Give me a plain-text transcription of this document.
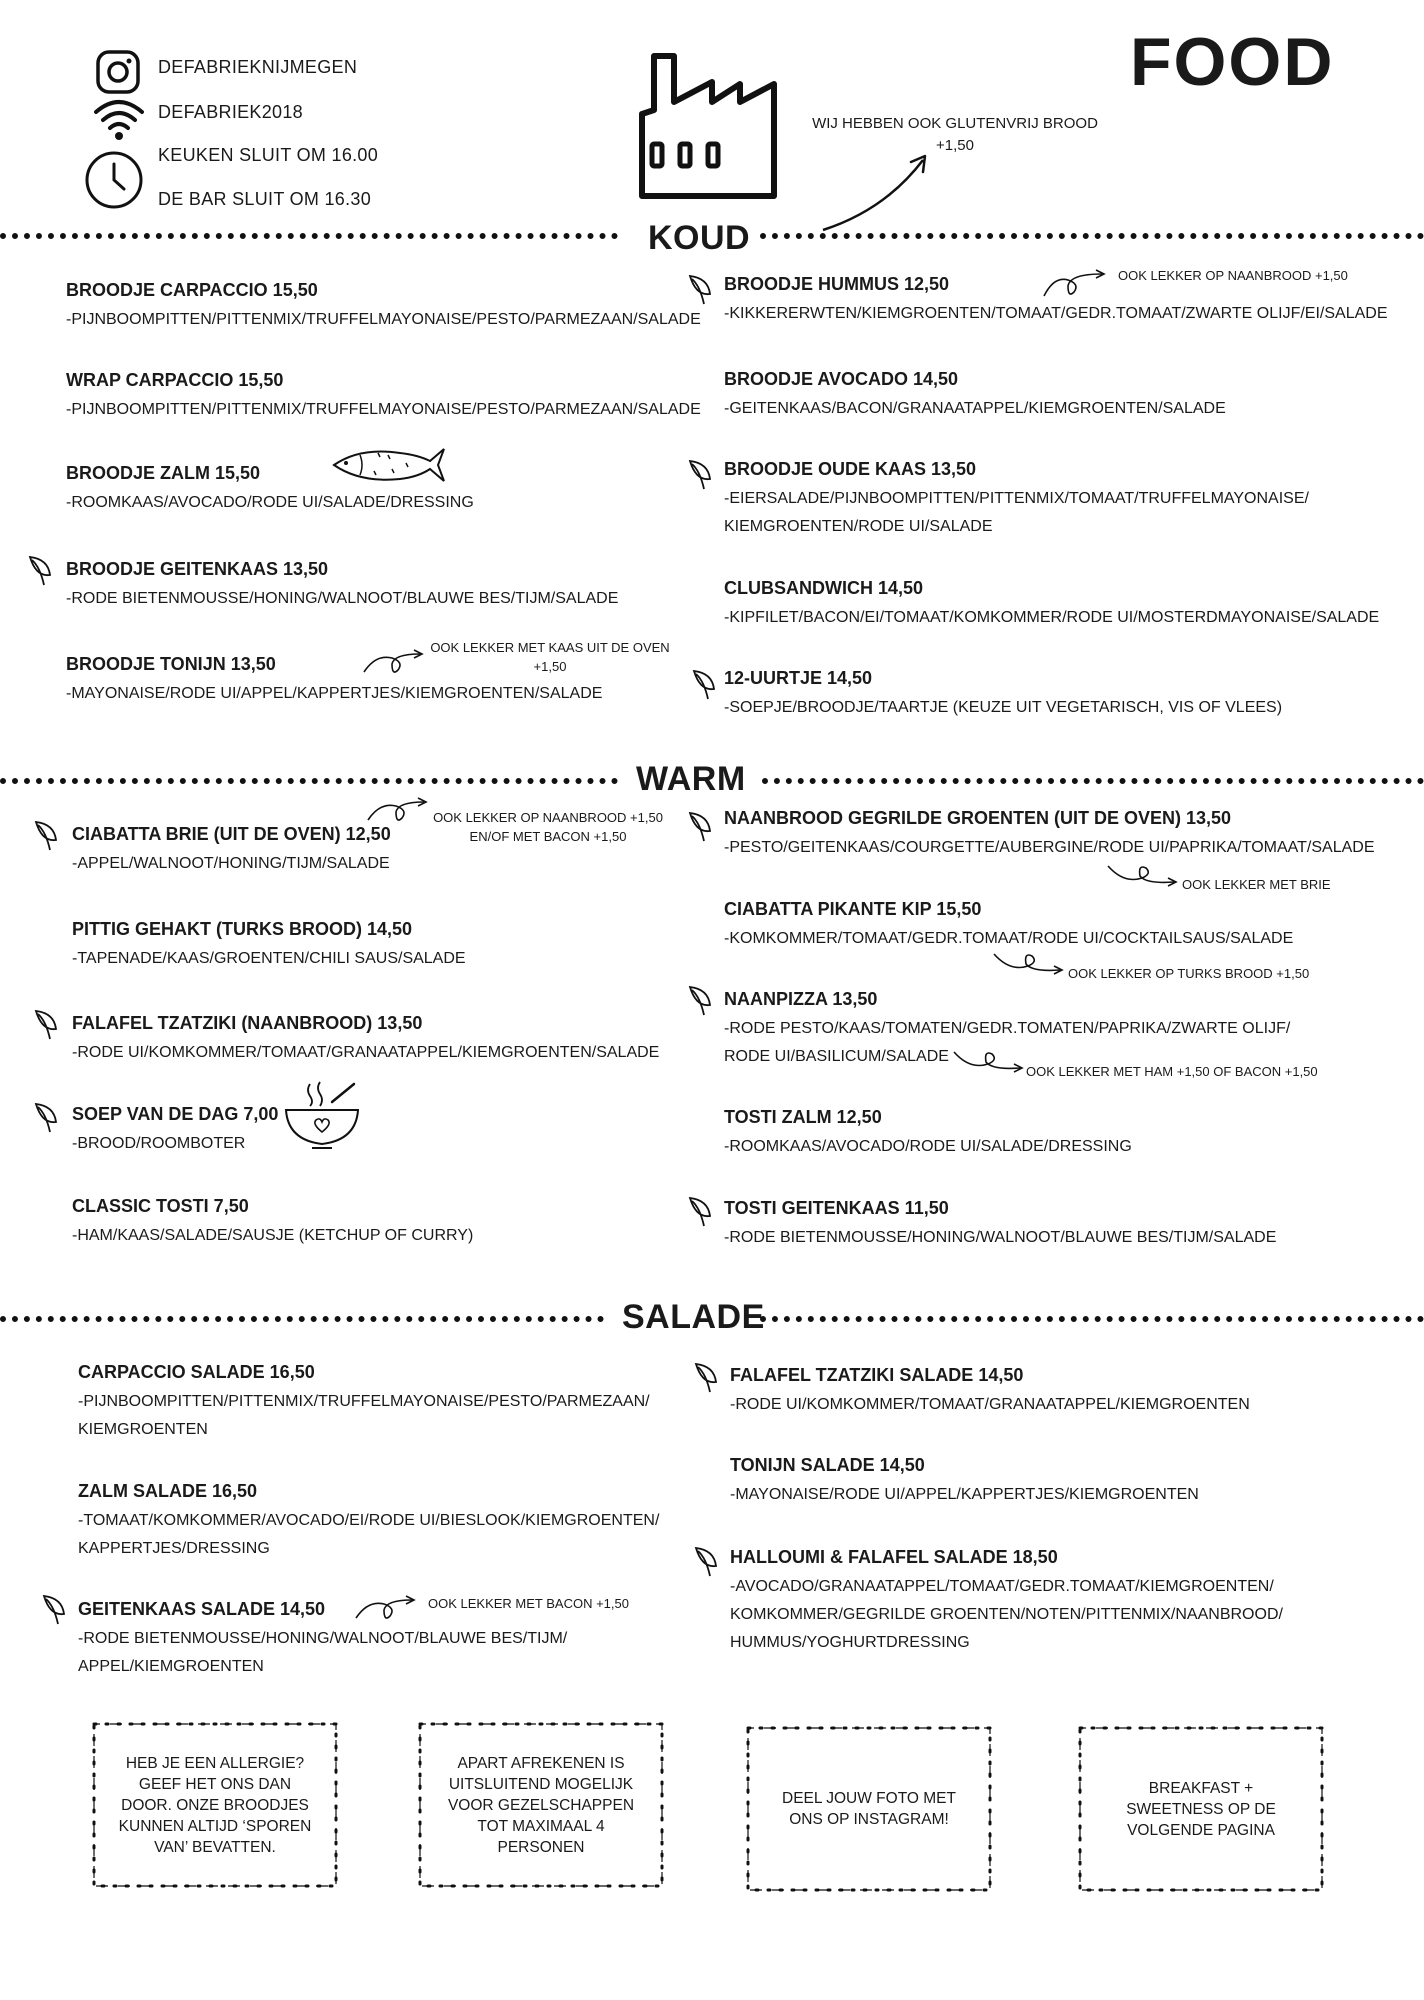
DEFABRIEKNIJMEGEN
DEFABRIEK2018
KEUKEN SLUIT OM 16.00
DE BAR SLUIT OM 16.30
FOOD
WIJ HEBBEN OOK GLUTENVRIJ BROOD +1,50
KOUD

BROODJE CARPACCIO 15,50

-PIJNBOOMPITTEN/PITTENMIX/TRUFFELMAYONAISE/PESTO/PARMEZAAN/SALADE

WRAP CARPACCIO 15,50

-PIJNBOOMPITTEN/PITTENMIX/TRUFFELMAYONAISE/PESTO/PARMEZAAN/SALADE

BROODJE ZALM 15,50

-ROOMKAAS/AVOCADO/RODE UI/SALADE/DRESSING

BROODJE GEITENKAAS 13,50

-RODE BIETENMOUSSE/HONING/WALNOOT/BLAUWE BES/TIJM/SALADE

BROODJE TONIJN 13,50

-MAYONAISE/RODE UI/APPEL/KAPPERTJES/KIEMGROENTEN/SALADE

OOK LEKKER MET KAAS UIT DE OVEN +1,50

BROODJE HUMMUS 12,50

-KIKKERERWTEN/KIEMGROENTEN/TOMAAT/GEDR.TOMAAT/ZWARTE OLIJF/EI/SALADE

OOK LEKKER OP NAANBROOD +1,50

BROODJE AVOCADO 14,50

-GEITENKAAS/BACON/GRANAATAPPEL/KIEMGROENTEN/SALADE

BROODJE OUDE KAAS 13,50

-EIERSALADE/PIJNBOOMPITTEN/PITTENMIX/TOMAAT/TRUFFELMAYONAISE/

KIEMGROENTEN/RODE UI/SALADE

CLUBSANDWICH 14,50

-KIPFILET/BACON/EI/TOMAAT/KOMKOMMER/RODE UI/MOSTERDMAYONAISE/SALADE

12-UURTJE 14,50

-SOEPJE/BROODJE/TAARTJE (KEUZE UIT VEGETARISCH, VIS OF VLEES)

WARM

CIABATTA BRIE (UIT DE OVEN) 12,50

-APPEL/WALNOOT/HONING/TIJM/SALADE

OOK LEKKER OP NAANBROOD +1,50 EN/OF MET BACON +1,50

PITTIG GEHAKT (TURKS BROOD) 14,50

-TAPENADE/KAAS/GROENTEN/CHILI SAUS/SALADE

FALAFEL TZATZIKI (NAANBROOD) 13,50

-RODE UI/KOMKOMMER/TOMAAT/GRANAATAPPEL/KIEMGROENTEN/SALADE

SOEP VAN DE DAG 7,00

-BROOD/ROOMBOTER

CLASSIC TOSTI 7,50

-HAM/KAAS/SALADE/SAUSJE (KETCHUP OF CURRY)

NAANBROOD GEGRILDE GROENTEN (UIT DE OVEN) 13,50

-PESTO/GEITENKAAS/COURGETTE/AUBERGINE/RODE UI/PAPRIKA/TOMAAT/SALADE

OOK LEKKER MET BRIE

CIABATTA PIKANTE KIP 15,50

-KOMKOMMER/TOMAAT/GEDR.TOMAAT/RODE UI/COCKTAILSAUS/SALADE

OOK LEKKER OP TURKS BROOD +1,50

NAANPIZZA 13,50

-RODE PESTO/KAAS/TOMATEN/GEDR.TOMATEN/PAPRIKA/ZWARTE OLIJF/

RODE UI/BASILICUM/SALADE

OOK LEKKER MET HAM +1,50 OF BACON +1,50

TOSTI ZALM 12,50

-ROOMKAAS/AVOCADO/RODE UI/SALADE/DRESSING

TOSTI GEITENKAAS 11,50

-RODE BIETENMOUSSE/HONING/WALNOOT/BLAUWE BES/TIJM/SALADE

SALADE

CARPACCIO SALADE 16,50

-PIJNBOOMPITTEN/PITTENMIX/TRUFFELMAYONAISE/PESTO/PARMEZAAN/

KIEMGROENTEN

ZALM SALADE 16,50

-TOMAAT/KOMKOMMER/AVOCADO/EI/RODE UI/BIESLOOK/KIEMGROENTEN/

KAPPERTJES/DRESSING

GEITENKAAS SALADE 14,50

-RODE BIETENMOUSSE/HONING/WALNOOT/BLAUWE BES/TIJM/

APPEL/KIEMGROENTEN

OOK LEKKER MET BACON +1,50

FALAFEL TZATZIKI SALADE 14,50

-RODE UI/KOMKOMMER/TOMAAT/GRANAATAPPEL/KIEMGROENTEN

TONIJN SALADE 14,50

-MAYONAISE/RODE UI/APPEL/KAPPERTJES/KIEMGROENTEN

HALLOUMI & FALAFEL SALADE 18,50

-AVOCADO/GRANAATAPPEL/TOMAAT/GEDR.TOMAAT/KIEMGROENTEN/

KOMKOMMER/GEGRILDE GROENTEN/NOTEN/PITTENMIX/NAANBROOD/

HUMMUS/YOGHURTDRESSING

HEB JE EEN ALLERGIE? GEEF HET ONS DAN DOOR. ONZE BROODJES KUNNEN ALTIJD ‘SPOREN VAN’ BEVATTEN.
APART AFREKENEN IS UITSLUITEND MOGELIJK VOOR GEZELSCHAPPEN TOT MAXIMAAL 4 PERSONEN
DEEL JOUW FOTO MET ONS OP INSTAGRAM!
BREAKFAST + SWEETNESS OP DE VOLGENDE PAGINA
